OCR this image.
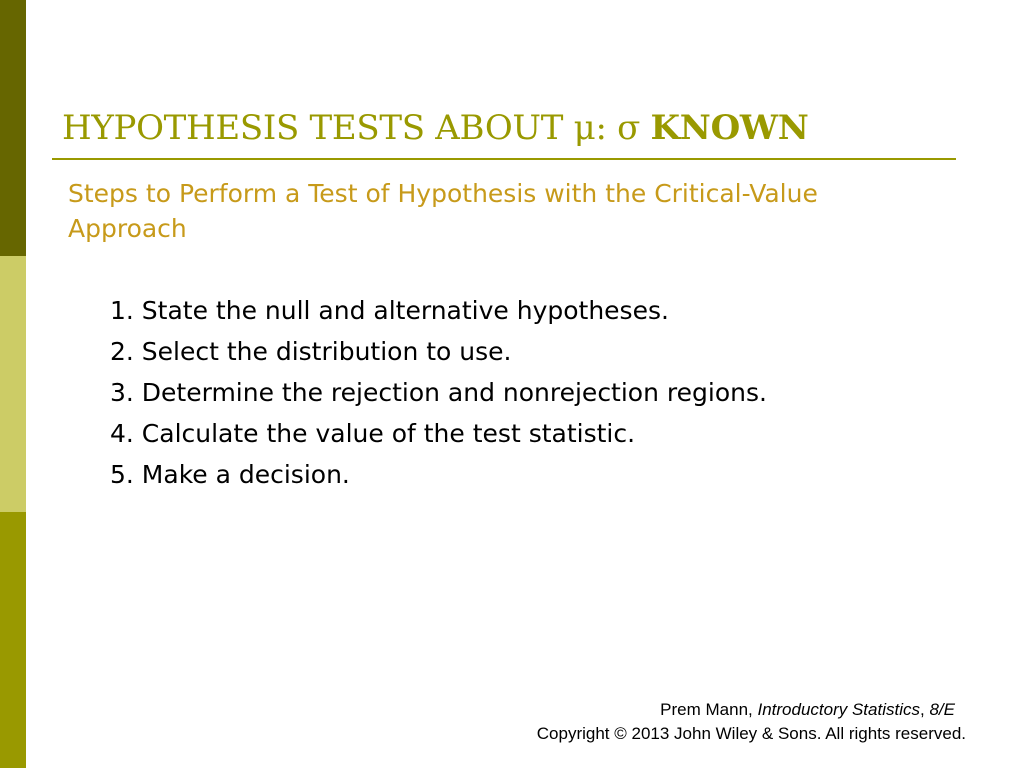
HYPOTHESIS TESTS ABOUT μ: σ KNOWN

Steps to Perform a Test of Hypothesis with the Critical-Value Approach

1. State the null and alternative hypotheses.
2. Select the distribution to use.
3. Determine the rejection and nonrejection regions.
4. Calculate the value of the test statistic.
5. Make a decision.
Prem Mann, Introductory Statistics, 8/E
Copyright © 2013 John Wiley & Sons. All rights reserved.
